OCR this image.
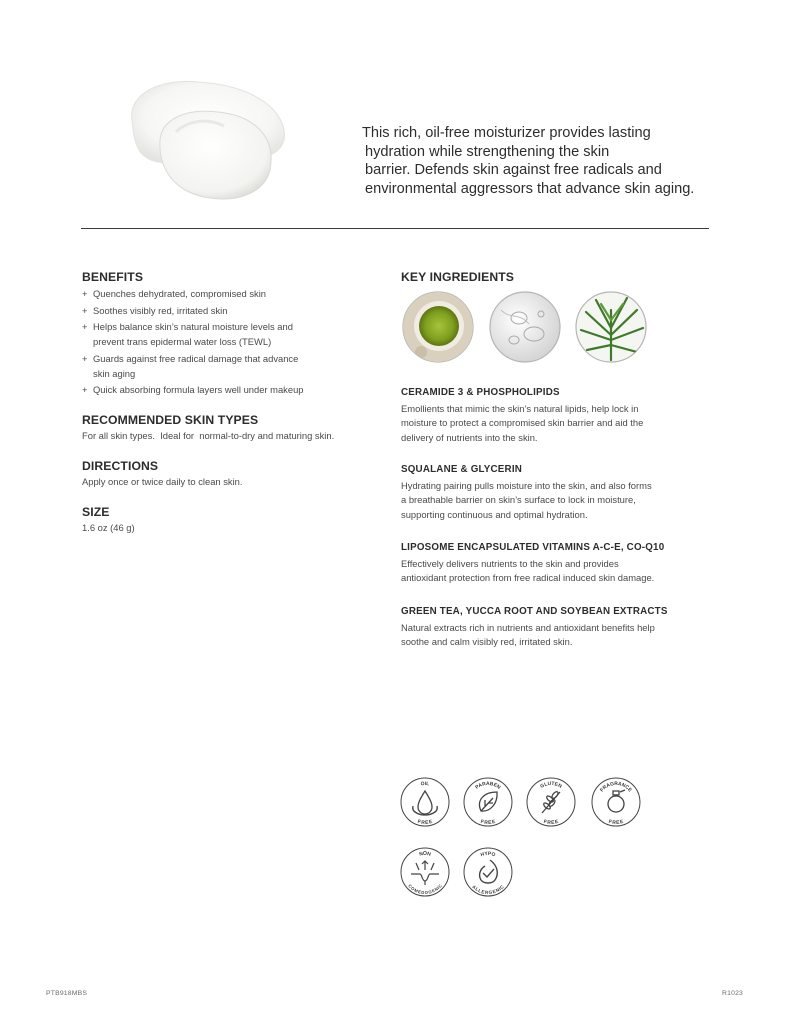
This rich, oil-free moisturizer provides lasting
hydration while strengthening the skin
barrier. Defends skin against free radicals and
environmental aggressors that advance skin aging.
BENEFITS
+ Quenches dehydrated, compromised skin
+ Soothes visibly red, irritated skin
+ Helps balance skin’s natural moisture levels and
prevent trans epidermal water loss (TEWL)
+ Guards against free radical damage that advance
skin aging
+ Quick absorbing formula layers well under makeup
RECOMMENDED SKIN TYPES
For all skin types.  Ideal for  normal-to-dry and maturing skin.
DIRECTIONS
Apply once or twice daily to clean skin.
SIZE
1.6 oz (46 g)
KEY INGREDIENTS
CERAMIDE 3 & PHOSPHOLIPIDS
Emollients that mimic the skin’s natural lipids, help lock in
moisture to protect a compromised skin barrier and aid the
delivery of nutrients into the skin.
SQUALANE & GLYCERIN
Hydrating pairing pulls moisture into the skin, and also forms
a breathable barrier on skin’s surface to lock in moisture,
supporting continuous and optimal hydration.
LIPOSOME ENCAPSULATED VITAMINS A-C-E, CO-Q10
Effectively delivers nutrients to the skin and provides
antioxidant protection from free radical induced skin damage.
GREEN TEA, YUCCA ROOT AND SOYBEAN EXTRACTS
Natural extracts rich in nutrients and antioxidant benefits help
soothe and calm visibly red, irritated skin.
OIL
FREE
PARABEN
FREE
GLUTEN
FREE
FRAGRANCE
FREE
NON
COMEDOGENIC
HYPO
ALLERGENIC
PTB918MBS	R1023
